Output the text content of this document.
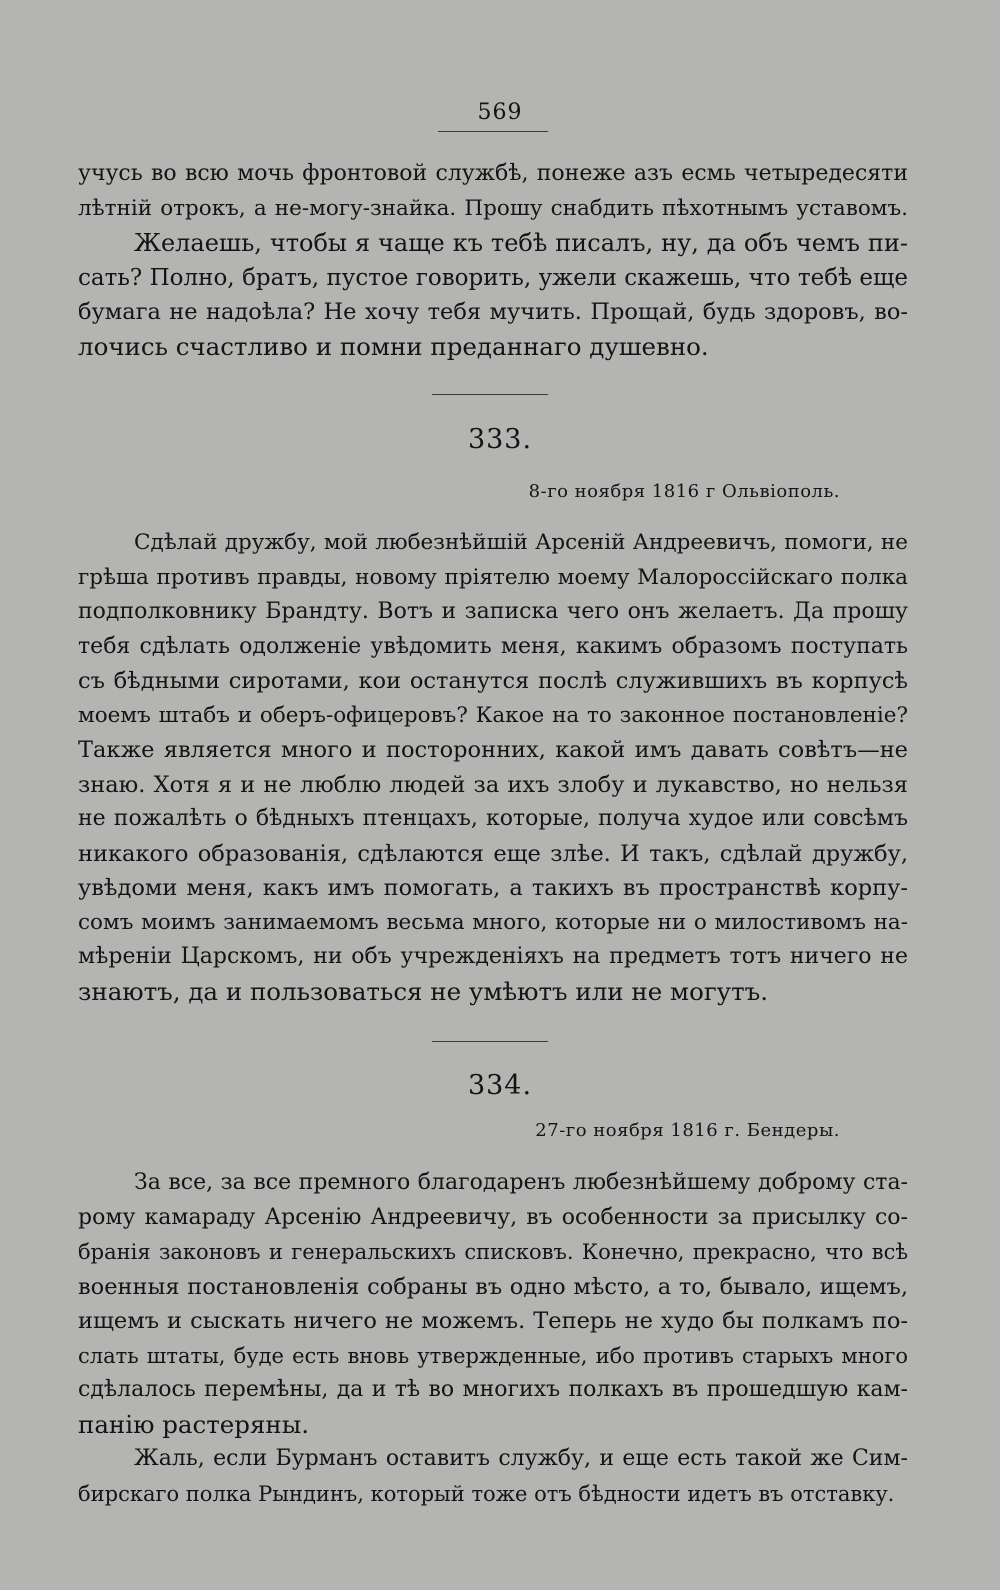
569
учусь во всю мочь фронтовой службѣ, понеже азъ есмь четыредесяти
лѣтній отрокъ, а не-могу-знайка. Прошу снабдить пѣхотнымъ уставомъ.
Желаешь, чтобы я чаще къ тебѣ писалъ, ну, да объ чемъ пи-
сать? Полно, братъ, пустое говорить, ужели скажешь, что тебѣ еще
бумага не надоѣла? Не хочу тебя мучить. Прощай, будь здоровъ, во-
лочись счастливо и помни преданнаго душевно.
333.
8-го ноября 1816 г Ольвіополь.
Сдѣлай дружбу, мой любезнѣйшій Арсеній Андреевичъ, помоги, не
грѣша противъ правды, новому пріятелю моему Малороссійскаго полка
подполковнику Брандту. Вотъ и записка чего онъ желаетъ. Да прошу
тебя сдѣлать одолженіе увѣдомить меня, какимъ образомъ поступать
съ бѣдными сиротами, кои останутся послѣ служившихъ въ корпусѣ
моемъ штабъ и оберъ-офицеровъ? Какое на то законное постановленіе?
Также является много и посторонних, какой имъ давать совѣтъ—не
знаю. Хотя я и не люблю людей за ихъ злобу и лукавство, но нельзя
не пожалѣть о бѣдныхъ птенцахъ, которые, получа худое или совсѣмъ
никакого образованія, сдѣлаются еще злѣе. И такъ, сдѣлай дружбу,
увѣдоми меня, какъ имъ помогать, а такихъ въ пространствѣ корпу-
сомъ моимъ занимаемомъ весьма много, которые ни о милостивомъ на-
мѣреніи Царскомъ, ни объ учрежденіяхъ на предметъ тотъ ничего не
знаютъ, да и пользоваться не умѣютъ или не могутъ.
334.
27-го ноября 1816 г. Бендеры.
За все, за все премного благодаренъ любезнѣйшему доброму ста-
рому камараду Арсенію Андреевичу, въ особенности за присылку со-
бранія законовъ и генеральскихъ списковъ. Конечно, прекрасно, что всѣ
военныя постановленія собраны въ одно мѣсто, а то, бывало, ищемъ,
ищемъ и сыскать ничего не можемъ. Теперь не худо бы полкамъ по-
слать штаты, буде есть вновь утвержденные, ибо противъ старыхъ много
сдѣлалось перемѣны, да и тѣ во многихъ полкахъ въ прошедшую кам-
панію растеряны.
Жаль, если Бурманъ оставитъ службу, и еще есть такой же Сим-
бирскаго полка Рындинъ, который тоже отъ бѣдности идетъ въ отставку.
